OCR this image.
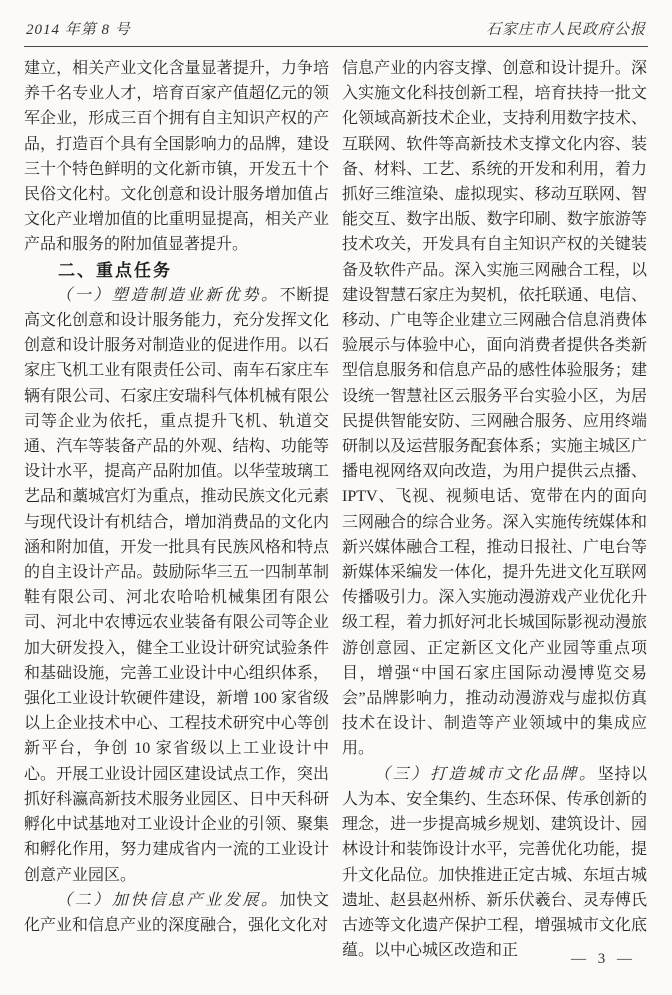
2014 年第 8 号	石家庄市人民政府公报

建立，相关产业文化含量显著提升，力争培养千名专业人才，培育百家产值超亿元的领军企业，形成三百个拥有自主知识产权的产品，打造百个具有全国影响力的品牌，建设三十个特色鲜明的文化新市镇，开发五十个民俗文化村。文化创意和设计服务增加值占文化产业增加值的比重明显提高，相关产业产品和服务的附加值显著提升。

二、重点任务

（一）塑造制造业新优势。不断提高文化创意和设计服务能力，充分发挥文化创意和设计服务对制造业的促进作用。以石家庄飞机工业有限责任公司、南车石家庄车辆有限公司、石家庄安瑞科气体机械有限公司等企业为依托，重点提升飞机、轨道交通、汽车等装备产品的外观、结构、功能等设计水平，提高产品附加值。以华莹玻璃工艺品和藁城宫灯为重点，推动民族文化元素与现代设计有机结合，增加消费品的文化内涵和附加值，开发一批具有民族风格和特点的自主设计产品。鼓励际华三五一四制革制鞋有限公司、河北农哈哈机械集团有限公司、河北中农博远农业装备有限公司等企业加大研发投入，健全工业设计研究试验条件和基础设施，完善工业设计中心组织体系，强化工业设计软硬件建设，新增 100 家省级以上企业技术中心、工程技术研究中心等创新平台，争创 10 家省级以上工业设计中心。开展工业设计园区建设试点工作，突出抓好科瀛高新技术服务业园区、日中天科研孵化中试基地对工业设计企业的引领、聚集和孵化作用，努力建成省内一流的工业设计创意产业园区。

（二）加快信息产业发展。加快文化产业和信息产业的深度融合，强化文化对

信息产业的内容支撑、创意和设计提升。深入实施文化科技创新工程，培育扶持一批文化领域高新技术企业，支持利用数字技术、互联网、软件等高新技术支撑文化内容、装备、材料、工艺、系统的开发和利用，着力抓好三维渲染、虚拟现实、移动互联网、智能交互、数字出版、数字印刷、数字旅游等技术攻关，开发具有自主知识产权的关键装备及软件产品。深入实施三网融合工程，以建设智慧石家庄为契机，依托联通、电信、移动、广电等企业建立三网融合信息消费体验展示与体验中心，面向消费者提供各类新型信息服务和信息产品的感性体验服务；建设统一智慧社区云服务平台实验小区，为居民提供智能安防、三网融合服务、应用终端研制以及运营服务配套体系；实施主城区广播电视网络双向改造，为用户提供云点播、IPTV、飞视、视频电话、宽带在内的面向三网融合的综合业务。深入实施传统媒体和新兴媒体融合工程，推动日报社、广电台等新媒体采编发一体化，提升先进文化互联网传播吸引力。深入实施动漫游戏产业优化升级工程，着力抓好河北长城国际影视动漫旅游创意园、正定新区文化产业园等重点项目，增强“中国石家庄国际动漫博览交易会”品牌影响力，推动动漫游戏与虚拟仿真技术在设计、制造等产业领域中的集成应用。

（三）打造城市文化品牌。坚持以人为本、安全集约、生态环保、传承创新的理念，进一步提高城乡规划、建筑设计、园林设计和装饰设计水平，完善优化功能，提升文化品位。加快推进正定古城、东垣古城遗址、赵县赵州桥、新乐伏羲台、灵寿傅氏古迹等文化遗产保护工程，增强城市文化底蕴。以中心城区改造和正	— 3 —
